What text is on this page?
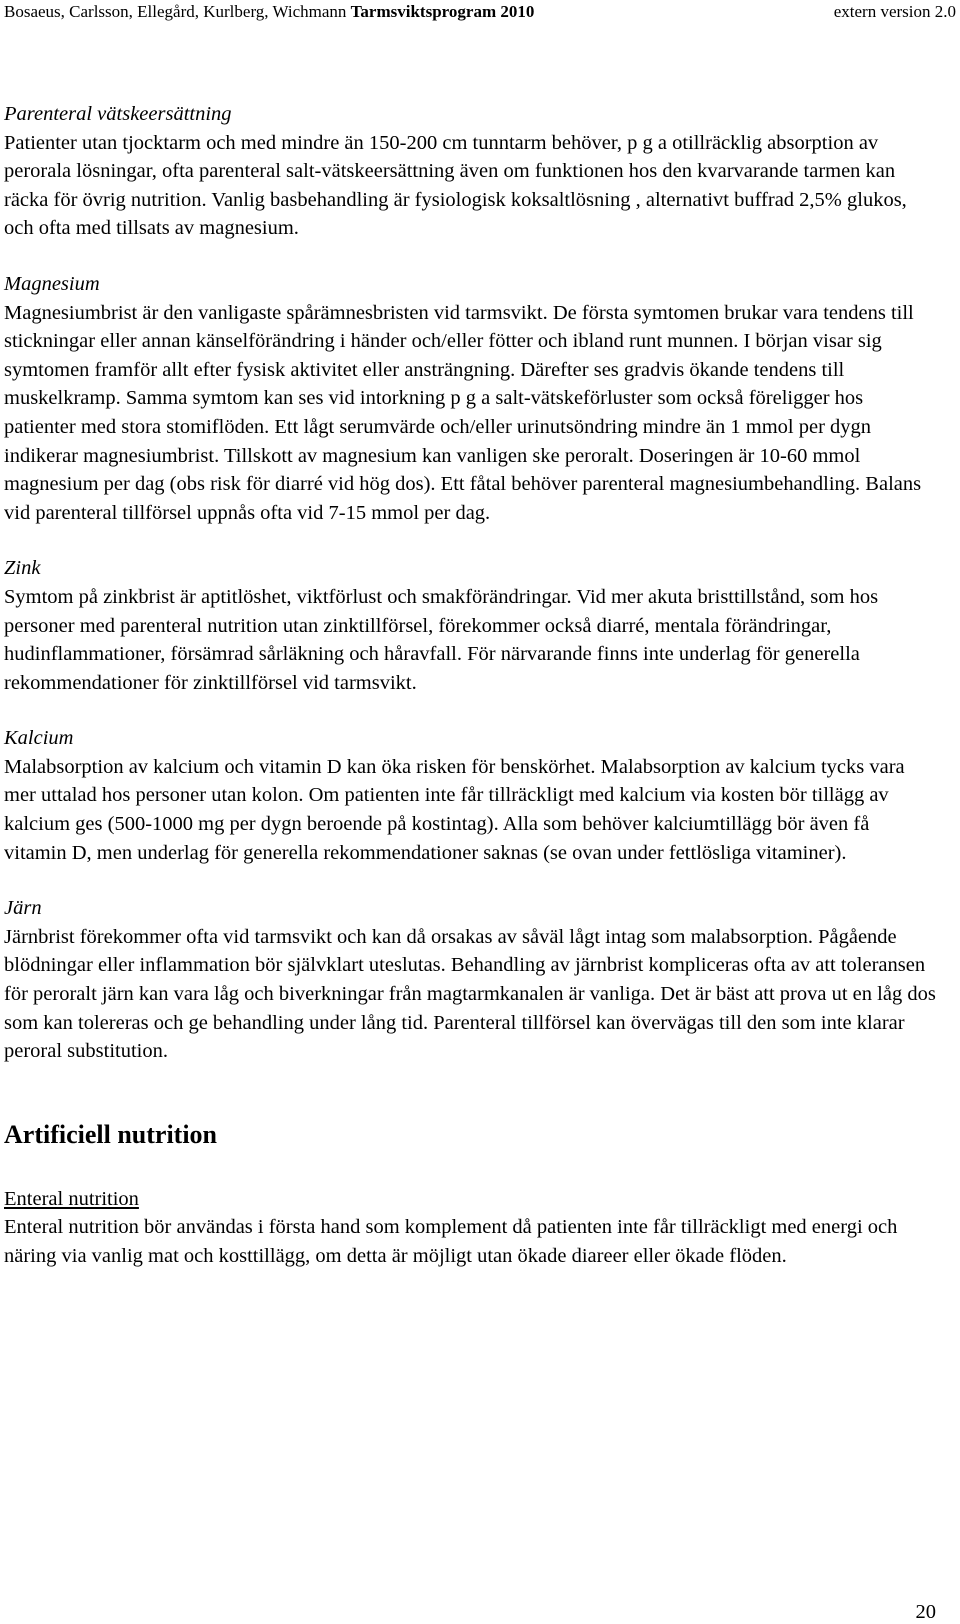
Bosaeus, Carlsson, Ellegård, Kurlberg, Wichmann Tarmsviktsprogram 2010	extern version 2.0
Parenteral vätskeersättning

Patienter utan tjocktarm och med mindre än 150-200 cm tunntarm behöver, p g a otillräcklig absorption av perorala lösningar, ofta parenteral salt-vätskeersättning även om funktionen hos den kvarvarande tarmen kan räcka för övrig nutrition. Vanlig basbehandling är fysiologisk koksaltlösning , alternativt buffrad 2,5% glukos, och ofta med tillsats av magnesium.

Magnesium

Magnesiumbrist är den vanligaste spårämnesbristen vid tarmsvikt. De första symtomen brukar vara tendens till stickningar eller annan känselförändring i händer och/eller fötter och ibland runt munnen. I början visar sig symtomen framför allt efter fysisk aktivitet eller ansträngning. Därefter ses gradvis ökande tendens till muskelkramp. Samma symtom kan ses vid intorkning p g a salt-vätskeförluster som också föreligger hos patienter med stora stomiflöden. Ett lågt serumvärde och/eller urinutsöndring mindre än 1 mmol per dygn indikerar magnesiumbrist. Tillskott av magnesium kan vanligen ske peroralt. Doseringen är 10-60 mmol magnesium per dag (obs risk för diarré vid hög dos). Ett fåtal behöver parenteral magnesiumbehandling. Balans vid parenteral tillförsel uppnås ofta vid 7-15 mmol per dag.

Zink

Symtom på zinkbrist är aptitlöshet, viktförlust och smakförändringar. Vid mer akuta bristtillstånd, som hos personer med parenteral nutrition utan zinktillförsel, förekommer också diarré, mentala förändringar, hudinflammationer, försämrad sårläkning och håravfall. För närvarande finns inte underlag för generella rekommendationer för zinktillförsel vid tarmsvikt.

Kalcium

Malabsorption av kalcium och vitamin D kan öka risken för benskörhet. Malabsorption av kalcium tycks vara mer uttalad hos personer utan kolon. Om patienten inte får tillräckligt med kalcium via kosten bör tillägg av kalcium ges (500-1000 mg per dygn beroende på kostintag). Alla som behöver kalciumtillägg bör även få vitamin D, men underlag för generella rekommendationer saknas (se ovan under fettlösliga vitaminer).

Järn

Järnbrist förekommer ofta vid tarmsvikt och kan då orsakas av såväl lågt intag som malabsorption. Pågående blödningar eller inflammation bör självklart uteslutas. Behandling av järnbrist kompliceras ofta av att toleransen för peroralt järn kan vara låg och biverkningar från magtarmkanalen är vanliga. Det är bäst att prova ut en låg dos som kan tolereras och ge behandling under lång tid. Parenteral tillförsel kan övervägas till den som inte klarar peroral substitution.

Artificiell nutrition
Enteral nutrition

Enteral nutrition bör användas i första hand som komplement då patienten inte får tillräckligt med energi och näring via vanlig mat och kosttillägg, om detta är möjligt utan ökade diareer eller ökade flöden.

20
